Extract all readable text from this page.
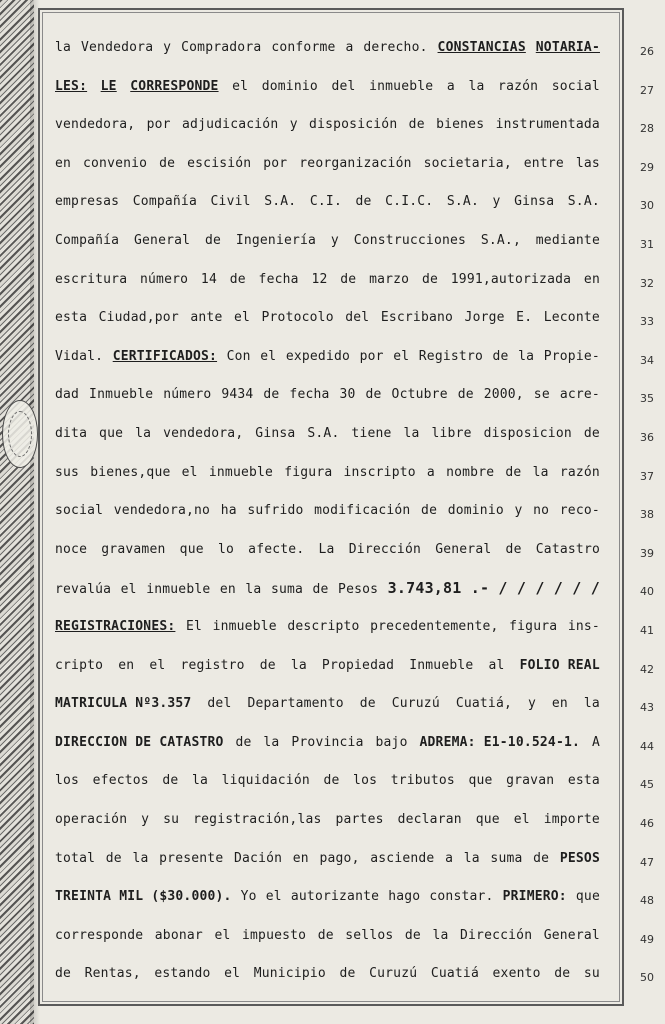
la Vendedora y Compradora conforme a derecho. CONSTANCIAS NOTARIA-	26
LES: LE CORRESPONDE el dominio del inmueble a la razón social	27
vendedora, por adjudicación y disposición de bienes instrumentada	28
en convenio de escisión por reorganización societaria, entre las	29
empresas Compañía Civil S.A. C.I. de C.I.C. S.A. y Ginsa S.A.	30
Compañía General de Ingeniería y Construcciones S.A., mediante	31
escritura número 14 de fecha 12 de marzo de 1991,autorizada en	32
esta Ciudad,por ante el Protocolo del Escribano Jorge E. Leconte	33
Vidal. CERTIFICADOS: Con el expedido por el Registro de la Propie-	34
dad Inmueble número 9434 de fecha 30 de Octubre de 2000, se acre-	35
dita que la vendedora, Ginsa S.A. tiene la libre disposicion de	36
sus bienes,que el inmueble figura inscripto a nombre de la razón	37
social vendedora,no ha sufrido modificación de dominio y no reco-	38
noce gravamen que lo afecte. La Dirección General de Catastro	39
revalúa el inmueble en la suma de Pesos 3.743,81 .- / / / / / /	40
REGISTRACIONES: El inmueble descripto precedentemente, figura ins-	41
cripto en el registro de la Propiedad Inmueble al FOLIO REAL	42
MATRICULA Nº3.357 del Departamento de Curuzú Cuatiá, y en la	43
DIRECCION DE CATASTRO de la Provincia bajo ADREMA: E1-10.524-1. A	44
los efectos de la liquidación de los tributos que gravan esta	45
operación y su registración,las partes declaran que el importe	46
total de la presente Dación en pago, asciende a la suma de PESOS	47
TREINTA MIL ($30.000). Yo el autorizante hago constar. PRIMERO: que	48
corresponde abonar el impuesto de sellos de la Dirección General	49
de Rentas, estando el Municipio de Curuzú Cuatiá exento de su	50
